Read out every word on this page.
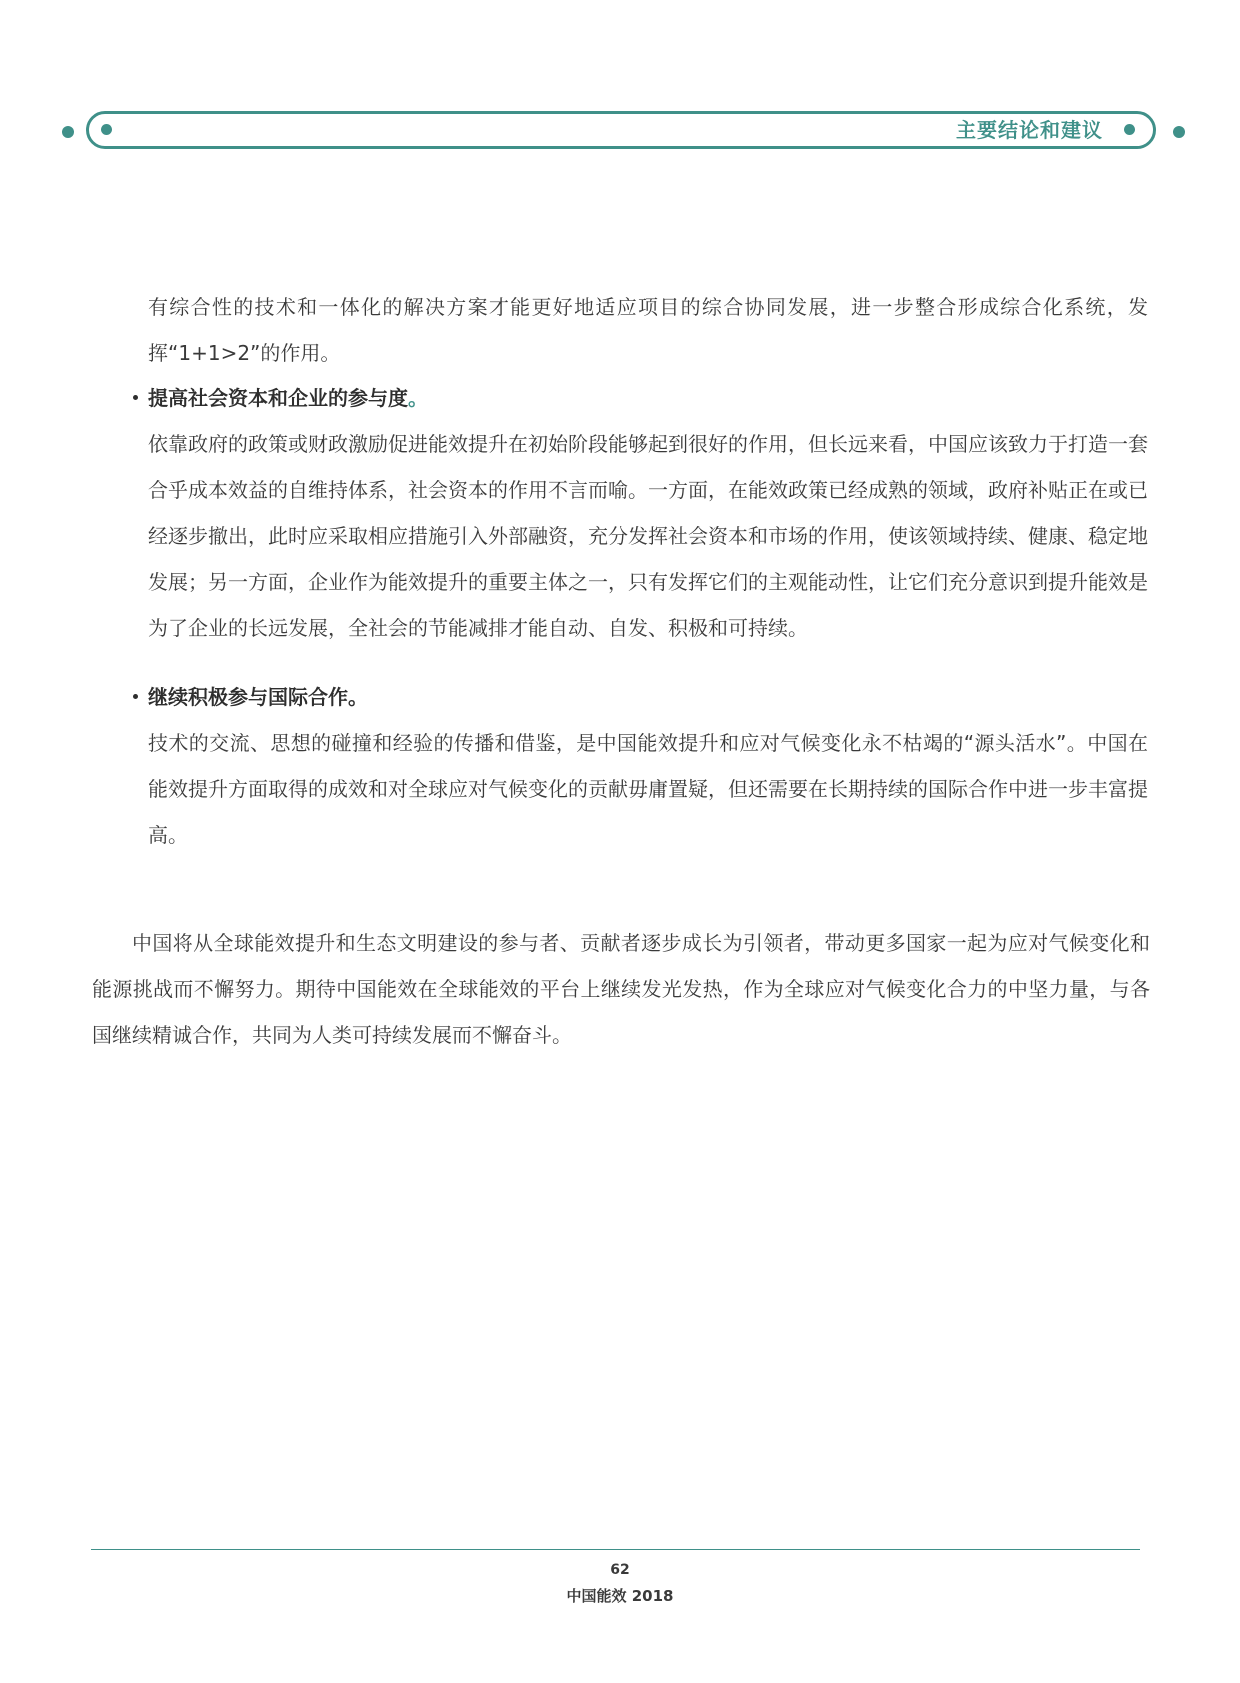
主要结论和建议

有综合性的技术和一体化的解决方案才能更好地适应项目的综合协同发展，进一步整合形成综合化系统，发挥“1+1>2”的作用。

提高社会资本和企业的参与度。

依靠政府的政策或财政激励促进能效提升在初始阶段能够起到很好的作用，但长远来看，中国应该致力于打造一套合乎成本效益的自维持体系，社会资本的作用不言而喻。一方面，在能效政策已经成熟的领域，政府补贴正在或已经逐步撤出，此时应采取相应措施引入外部融资，充分发挥社会资本和市场的作用，使该领域持续、健康、稳定地发展；另一方面，企业作为能效提升的重要主体之一，只有发挥它们的主观能动性，让它们充分意识到提升能效是为了企业的长远发展，全社会的节能减排才能自动、自发、积极和可持续。

继续积极参与国际合作。

技术的交流、思想的碰撞和经验的传播和借鉴，是中国能效提升和应对气候变化永不枯竭的“源头活水”。中国在能效提升方面取得的成效和对全球应对气候变化的贡献毋庸置疑，但还需要在长期持续的国际合作中进一步丰富提高。

中国将从全球能效提升和生态文明建设的参与者、贡献者逐步成长为引领者，带动更多国家一起为应对气候变化和能源挑战而不懈努力。期待中国能效在全球能效的平台上继续发光发热，作为全球应对气候变化合力的中坚力量，与各国继续精诚合作，共同为人类可持续发展而不懈奋斗。

62
中国能效 2018
